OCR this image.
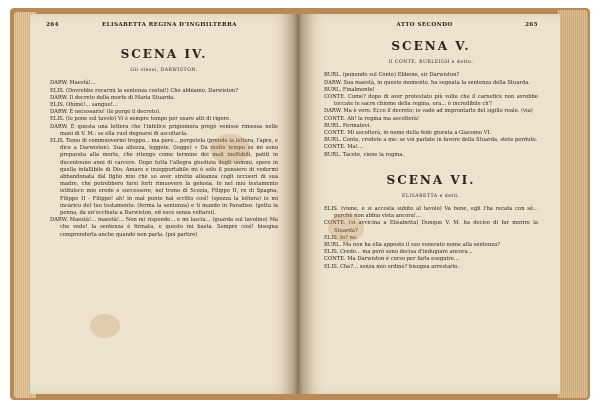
264	ELISABETTA REGINA D'INGHILTERRA
SCENA IV.
Gli stessi, DARWISTON.
DARW. Maestà!...
ELIS. (Dovrebbe recarmi la sentenza costui!) Che abbiamo, Darwiston?
DARW. Il decreto della morte di Maria Stuarda.
ELIS. Ohimè!... sangue!...
DARW. È necessario! (le porge il decreto).
ELIS. (lo pone sul tavolo) Vi è sempre tempo per usare atti di rigore.
DARW. È questa una lettera che l'infelice prigioniera pregò venisse rimessa nelle mani di V. M.: se ella vuol degnarsi di ascoltarla.
ELIS. Temo di commuovermi troppo... ma pure... porgetela (prende la lettera, l'apre, e dice a Darwiston). Sua altezza, leggete. (legge) « Da molto tempo so mi sono preparata alla morte, che ritengo come termine dei mali ineffabili, patiti in ducentouno anni di carcere. Dopo tutta l'allegra giustizia degli uomini, spero in quella infallibile di Dio. Amaro e insopportabile mi è solo il pensiero di vedermi abbandonata dal figlio mio che so aver stretto alleanza cogli uccisori di sua madre, che potrebbero farsi forti rimuovere la gelosia. Io nel mio testamento istituisco mio erede e successore, nel trono di Scozia, Filippo II, re di Spagna, Filippo II - Filippo! ah! in mal punto hai scritto così! (spezza la lettera) io mi incarico del tuo testamento. (ferma la sentenza) e ti mando in Paradiso. (getta la penna, da un'occhiata a Darwiston, ed esce senza voltarsi).
DARW. Maestà!... maestà!... Non mi risponde... e mi lascia... (guarda sul tavolino) Ma che vedo! la sentenza è firmata, e questo mi basta. Sempre così! bisogna comprenderla anche quando non parla. (poi partire)
ATTO SECONDO	265
SCENA V.
Il CONTE, BURLEIGH e detto.
BURL. (ponendo sul Conte) Ebbene, sir Darwiston?
DARW. Sua maestà, in questo momento, ha segnata la sentenza della Stuarda.
BURL. Finalmente!
CONTE. Come? dopo di aver protestato più volte che il carnefice non avrebbe toccate le sacre chiome della regina, ora... è incredibile ch'!
DARW. Ma è vero. Ecco il decreto; io vado ad improntarlo del sigillo reale. (via)
CONTE. Ah! la regina ma ascolterà!
BURL. Fermatevi.
CONTE. Mi ascolterà, in nome della fede giurata a Giacomo VI.
BURL. Conte, credete a me: se voi parlate in favore della Stuarda, stete perduto.
CONTE. Ma!...
BURL. Tacete, viene la regina.
SCENA VI.
ELISABETTA e detti.
ELIS. (viene, e si accosta subito al tavolo) Va bene, egli l'ha recata con sè... purchè non abbia vista ancora!...
CONTE. (si avvicina a Elisabetta) Dunque V. M. ha deciso di far morire la Stuarda?
ELIS. Io? no.
BURL. Ma non ha ella apposto il suo venerato nome alla sentenza?
ELIS. Credo... ma però sono decisa d'indugiare ancora...
CONTE. Ma Darwiston è corso per farla eseguire...
ELIS. Che?... senza mio ordine? bisogna arrestarlo.
